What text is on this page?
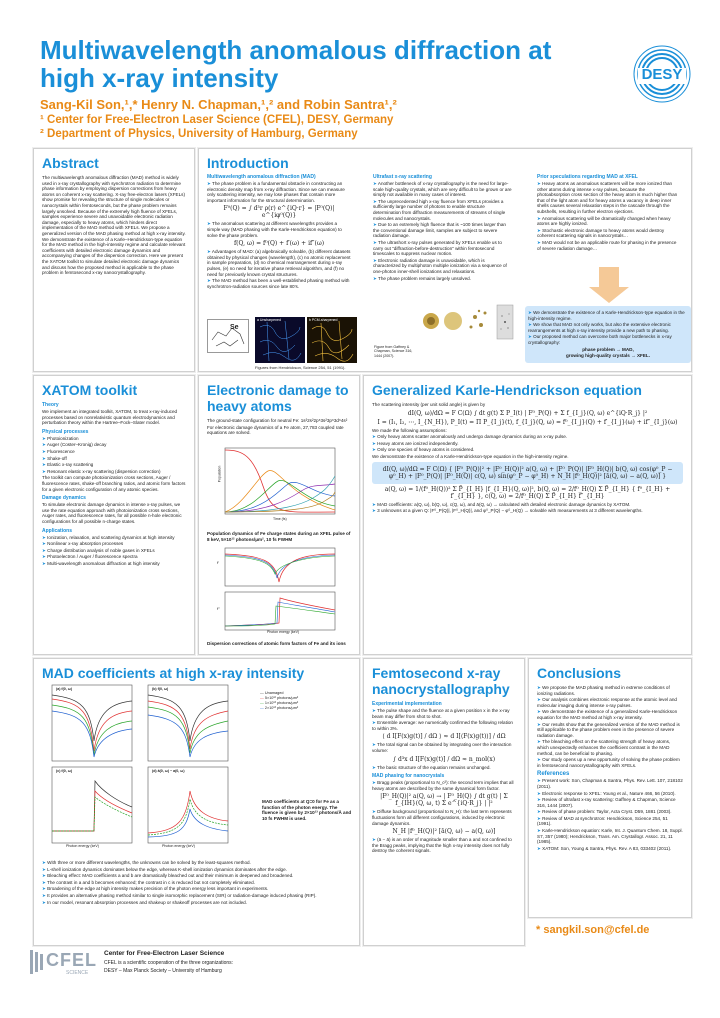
Multiwavelength anomalous diffraction at high x-ray intensity
Sang-Kil Son,¹,* Henry N. Chapman,¹,² and Robin Santra¹,²
¹ Center for Free-Electron Laser Science (CFEL), DESY, Germany
² Department of Physics, University of Hamburg, Germany
DESY
Abstract
The multiwavelength anomalous diffraction (MAD) method is widely used in x-ray crystallography with synchrotron radiation to determine phase information by employing dispersion corrections from heavy atoms on coherent x-ray scattering. X-ray free-electron lasers (XFELs) show promise for revealing the structure of single molecules or nanocrystals within femtoseconds, but the phase problem remains largely unsolved. Because of the extremely high fluence of XFELs, samples experience severe and unavoidable electronic radiation damage, especially to heavy atoms, which hinders direct implementation of the MAD method with XFELs. We propose a generalized version of the MAD phasing method at high x-ray intensity. We demonstrate the existence of a Karle–Hendrickson-type equation for the MAD method in the high-intensity regime and calculate relevant coefficients with detailed electronic damage dynamics and accompanying changes of the dispersion correction. Here we present the XATOM toolkit to simulate detailed electronic damage dynamics and discuss how the proposed method is applicable to the phase problem in femtosecond x-ray nanocrystallography.
Introduction
Multiwavelength anomalous diffraction (MAD)
➤ The phase problem is a fundamental obstacle in constructing an electronic density map from x-ray diffraction. Since we can measure only scattering intensity, we may lose phases that contain more important information for the structural determination.
F⁰(Q) = ∫ d³r ρ(r) e^{iQ·r} = |F⁰(Q)| e^{iφ⁰(Q)}
➤ The anomalous scattering at different wavelengths provides a simple way (MAD phasing with the Karle-Hendrickson equation) to solve the phase problem.
f(Q, ω) = f⁰(Q) + f′(ω) + if″(ω)
➤ Advantages of MAD: (a) algebraically solvable, (b) different datasets obtained by physical changes (wavelength), (c) no atomic replacement in sample preparation, (d) no chemical rearrangement during x-ray pulses, (e) no need for iterative phase retrieval algorithm, and (f) no need for previously known crystal structures.
➤ The MAD method has been a well-established phasing method with synchrotron-radiation sources since late 80's.
Se
a Unsharpened	b PCM-sharpened
Figures from Hendrickson, Science 254, 51 (1991).
Ultrafast x-ray scattering
➤ Another bottleneck of x-ray crystallography is the need for large-scale high-quality crystals, which are very difficult to be grown or are simply not available in many cases of interest.
➤ The unprecedented high x-ray fluence from XFELs provides a sufficiently large number of photons to enable structure determination from diffraction measurements of streams of single molecules and nanocrystals.
➤ Due to an extremely high fluence that is ~100 times larger than the conventional damage limit, samples are subject to severe radiation damage.
➤ The ultrashort x-ray pulses generated by XFELs enable us to carry out "diffraction-before-destruction" within femtosecond timescales to suppress nuclear motion.
➤ Electronic radiation damage is unavoidable, which is characterized by multiphoton multiple ionization via a sequence of one-photon inner-shell ionizations and relaxations.
➤ The phase problem remains largely unsolved.
Figure from Gaffney & Chapman, Science 316, 1444 (2007).
Prior speculations regarding MAD at XFEL
➤ Heavy atoms as anomalous scatterers will be more ionized than other atoms during intense x-ray pulses, because the photoabsorption cross section of the heavy atom is much higher than that of the light atom and for heavy atoms a vacancy in deep inner shells causes several relaxation steps in the cascade through the subshells, resulting in further electron ejections.
➤ Anomalous scattering will be dramatically changed when heavy atoms are highly ionized.
➤ Stochastic electronic damage to heavy atoms would destroy coherent scattering signals in nanocrystals…
➤ MAD would not be an applicable route for phasing in the presence of severe radiation damage…
➤ We demonstrate the existence of a Karle-Hendrickson-type equation in the high-intensity regime.
➤ We show that MAD not only works, but also the extensive electronic rearrangements at high x-ray intensity provide a new path to phasing.
➤ Our proposed method can overcome both major bottlenecks in x-ray crystallography:
phase problem → MAD,
growing high-quality crystals → XFEL.
XATOM toolkit
Theory
We implement an integrated toolkit, XATOM, to treat x-ray-induced processes based on nonrelativistic quantum electrodynamics and perturbation theory within the Hartree–Fock–Slater model.
Physical processes
➤ Photoionization
➤ Auger (Coster–Kronig) decay
➤ Fluorescence
➤ Shake-off
➤ Elastic x-ray scattering
➤ Resonant elastic x-ray scattering (dispersion correction)
The toolkit can compute photoionization cross sections, Auger / fluorescence rates, shake-off branching ratios, and atomic form factors for a given electronic configuration of any atomic species.
Damage dynamics
To simulate electronic damage dynamics in intense x-ray pulses, we use the rate equation approach with photoionization cross sections, Auger rates, and fluorescence rates, for all possible n-hole electronic configurations for all possible n-charge states.
Applications
➤ Ionization, relaxation, and scattering dynamics at high intensity
➤ Nonlinear x-ray absorption processes
➤ Charge distribution analysis of noble gases in XFELs
➤ Photoelectron / Auger / fluorescence spectra
➤ Multi-wavelength anomalous diffraction at high intensity
Electronic damage to heavy atoms
The ground-state configuration for neutral Fe: 1s²2s²2p⁶3s²3p⁶3d⁶4s²
For electronic damage dynamics of a Fe atom, 27,783 coupled rate equations are solved.
Population
Time (fs)
Population dynamics of Fe charge states during an XFEL pulse of 8 keV, 5×10¹² photons/μm², 10 fs FWHM
f′
f″
Photon energy (keV)
Dispersion corrections of atomic form factors of Fe and its ions
Generalized Karle-Hendrickson equation
The scattering intensity (per unit solid angle) is given by
dI(Q, ω)/dΩ = F C(Ω) ∫ dt g(t) Σ P_I(t) | F⁰_P(Q) + Σ f_{I_j}(Q, ω) e^{iQ·R_j} |²
I = (I₁, I₂, ⋯, I_{N_H}), P_I(t) = Π P_{I_j}(t), f_{I_j}(Q, ω) = f⁰_{I_j}(Q) + f′_{I_j}(ω) + if″_{I_j}(ω)
We made the following assumptions:
➤ Only heavy atoms scatter anomalously and undergo damage dynamics during an x-ray pulse.
➤ Heavy atoms are ionized independently.
➤ Only one species of heavy atoms is considered.
We demonstrate the existence of a Karle-Hendrickson-type equation in the high-intensity regime.
dI(Q, ω)/dΩ = F C(Ω) { |F⁰_P(Q)|² + |F⁰_H(Q)|² a(Q, ω) + |F⁰_P(Q)| |F⁰_H(Q)| b(Q, ω) cos(φ⁰_P − φ⁰_H) + |F⁰_P(Q)| |F⁰_H(Q)| c(Q, ω) sin(φ⁰_P − φ⁰_H) + N_H |f⁰_H(Q)|² [ā(Q, ω) − a(Q, ω)] }
a(Q, ω) = 1/(f⁰_H(Q))² Σ P̃_{I_H} |f_{I_H}(Q, ω)|², b(Q, ω) = 2/f⁰_H(Q) Σ P̃_{I_H} { f⁰_{I_H} + f′_{I_H} }, c(Q, ω) = 2/f⁰_H(Q) Σ P̃_{I_H} f″_{I_H}
➤ MAD coefficients: a(Q, ω), b(Q, ω), c(Q, ω), and ā(Q, ω) → calculated with detailed electronic damage dynamics by XATOM.
➤ 3 unknowns at a given Q: |F⁰_P(Q)|, |F⁰_H(Q)|, and φ⁰_P(Q) − φ⁰_H(Q) → solvable with measurements at 3 different wavelengths.
MAD coefficients at high x-ray intensity
(a) f(0, ω)	(b) f(0, ω)
(c) f(0, ω)	(d) ā(0, ω) − a(0, ω)
Photon energy (keV)	Photon energy (keV)
— Unamaged
— 5×10¹² photons/μm²
— 1×10¹³ photons/μm²
— 2×10¹³ photons/μm²
MAD coefficients at Q=0 for Fe as a function of the photon energy. The fluence is given by 2×10¹³ photons/Å and 10 fs FWHM is used.
➤ With three or more different wavelengths, the unknowns can be solved by the least-squares method.
➤ L-shell ionization dynamics dominates below the edge, whereas K-shell ionization dynamics dominates after the edge.
➤ Bleaching effect: MAD coefficients a and b are dramatically bleached out and their minimum is deepened and broadened.
➤ The contrast in a and b becomes enhanced; the contrast in c is reduced but not completely eliminated.
➤ Broadening of the edge at high intensity makes precision of the photon energy less important in experiments.
➤ It provides an alternative phasing method similar to single isomorphic replacement (SIR) or radiation-damage induced phasing (RIP).
➤ In our model, resonant absorption processes and shakeup or shakeoff processes are not included.
Femtosecond x-ray nanocrystallography
Experimental implementation
➤ The pulse shape and the fluence at a given position x in the x-ray beam may differ from shot to shot.
➤ Ensemble average: we numerically confirmed the following relation to within 3%.
⟨ d I[F(x)g(t)] / dΩ ⟩ ≈ d I[⟨F(x)g(t)⟩] / dΩ
➤ The total signal can be obtained by integrating over the interaction volume:
∫ d³x d I[F(x)g(t)] / dΩ ≈ n_mol(x)
➤ The basic structure of the equation remains unchanged.
MAD phasing for nanocrystals
➤ Bragg peaks (proportional to N_c²): the second term implies that all heavy atoms are described by the same dynamical form factor.
|F⁰_H(Q)|² a(Q, ω) → | F⁰_H(Q) ∫ dt g(t) | Σ f_{IH}(Q, ω, t) Σ e^{iQ·R_j} | |²
➤ Diffuse background (proportional to N_H): the last term represents fluctuations form all different configurations, induced by electronic damage dynamics.
N_H |f⁰_H(Q)|² [ā(Q, ω) − a(Q, ω)]
➤ (ā − ā) is an order of magnitude smaller than a and not confined to the Bragg peaks, implying that the high x-ray intensity does not fully destroy the coherent signals.
Conclusions
➤ We propose the MAD phasing method in extreme conditions of ionizing radiations.
➤ Our analysis combines electronic response at the atomic level and molecular imaging during intense x-ray pulses.
➤ We demonstrate the existence of a generalized Karle-Hendrickson equation for the MAD method at high x-ray intensity.
➤ Our results show that the generalized version of the MAD method is still applicable to the phase problem even in the presence of severe radiation damage.
➤ The bleaching effect on the scattering strength of heavy atoms, which unexpectedly enhances the coefficient contrast in the MAD method, can be beneficial to phasing.
➤ Our study opens up a new opportunity of solving the phase problem in femtosecond nanocrystallography with XFELs.
References
➤ Present work: Son, Chapman & Santra, Phys. Rev. Lett. 107, 218102 (2011).
➤ Electronic response to XFEL: Young et al., Nature 466, 56 (2010).
➤ Review of ultrafast x-ray scattering: Gaffney & Chapman, Science 316, 1444 (2007).
➤ Review of phase problem: Taylor, Acta Cryst. D59, 1881 (2003).
➤ Review of MAD at synchrotron: Hendrickson, Science 254, 51 (1991).
➤ Karle-Hendrickson equation: Karle, Int. J. Quantum Chem. 18, Suppl. S7, 357 (1980); Hendrickson, Trans. Am. Crystallogr. Assoc. 21, 11 (1985).
➤ XATOM: Son, Young & Santra, Phys. Rev. A 83, 033402 (2011).
* sangkil.son@cfel.de
CFEL
SCIENCE
Center for Free-Electron Laser Science
CFEL is a scientific cooperation of the three organizations:
DESY – Max Planck Society – University of Hamburg
